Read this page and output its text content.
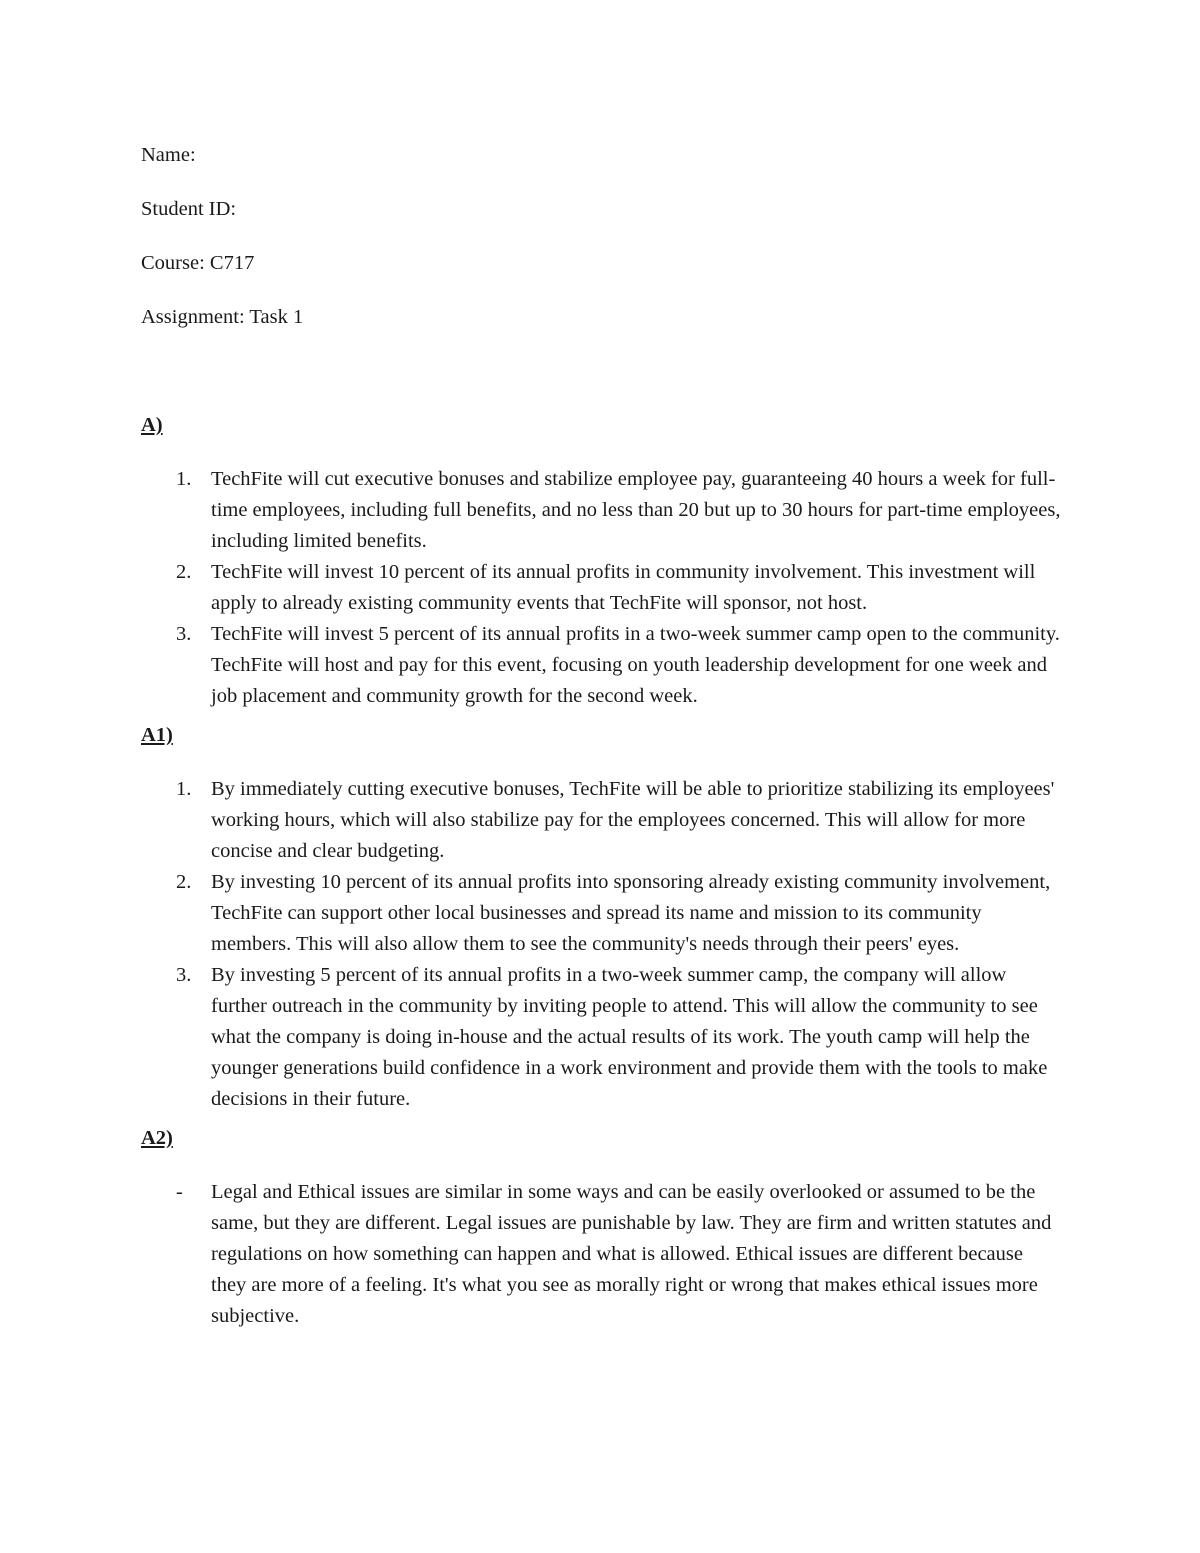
Name:
Student ID:
Course: C717
Assignment: Task 1
A)
1. TechFite will cut executive bonuses and stabilize employee pay, guaranteeing 40 hours a week for full-time employees, including full benefits, and no less than 20 but up to 30 hours for part-time employees, including limited benefits.
2. TechFite will invest 10 percent of its annual profits in community involvement. This investment will apply to already existing community events that TechFite will sponsor, not host.
3. TechFite will invest 5 percent of its annual profits in a two-week summer camp open to the community. TechFite will host and pay for this event, focusing on youth leadership development for one week and job placement and community growth for the second week.
A1)
1. By immediately cutting executive bonuses, TechFite will be able to prioritize stabilizing its employees' working hours, which will also stabilize pay for the employees concerned. This will allow for more concise and clear budgeting.
2. By investing 10 percent of its annual profits into sponsoring already existing community involvement, TechFite can support other local businesses and spread its name and mission to its community members. This will also allow them to see the community's needs through their peers' eyes.
3. By investing 5 percent of its annual profits in a two-week summer camp, the company will allow further outreach in the community by inviting people to attend. This will allow the community to see what the company is doing in-house and the actual results of its work. The youth camp will help the younger generations build confidence in a work environment and provide them with the tools to make decisions in their future.
A2)
- Legal and Ethical issues are similar in some ways and can be easily overlooked or assumed to be the same, but they are different. Legal issues are punishable by law. They are firm and written statutes and regulations on how something can happen and what is allowed. Ethical issues are different because they are more of a feeling. It's what you see as morally right or wrong that makes ethical issues more subjective.
